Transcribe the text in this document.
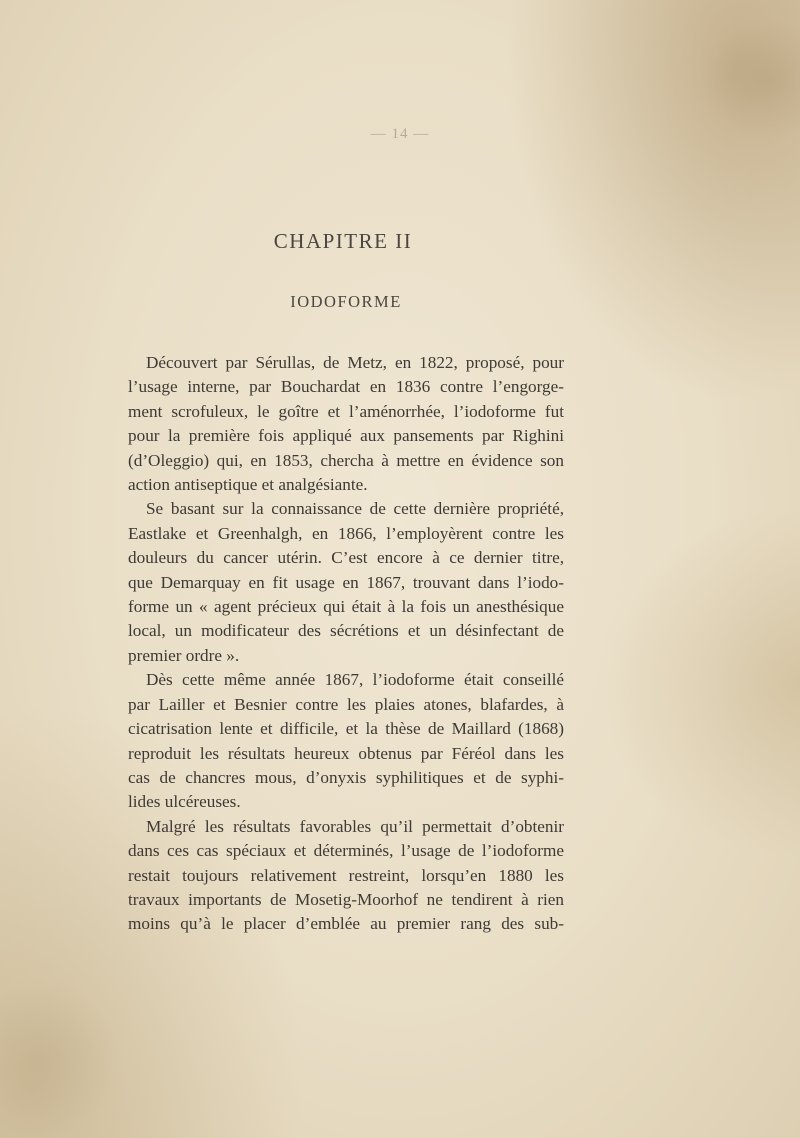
— 14 —
CHAPITRE II
IODOFORME
Découvert par Sérullas, de Metz, en 1822, proposé, pour
l’usage interne, par Bouchardat en 1836 contre l’engorge-
ment scrofuleux, le goître et l’aménorrhée, l’iodoforme fut
pour la première fois appliqué aux pansements par Righini
(d’Oleggio) qui, en 1853, chercha à mettre en évidence son
action antiseptique et analgésiante.
Se basant sur la connaissance de cette dernière propriété,
Eastlake et Greenhalgh, en 1866, l’employèrent contre les
douleurs du cancer utérin. C’est encore à ce dernier titre,
que Demarquay en fit usage en 1867, trouvant dans l’iodo-
forme un « agent précieux qui était à la fois un anesthésique
local, un modificateur des sécrétions et un désinfectant de
premier ordre ».
Dès cette même année 1867, l’iodoforme était conseillé
par Lailler et Besnier contre les plaies atones, blafardes, à
cicatrisation lente et difficile, et la thèse de Maillard (1868)
reproduit les résultats heureux obtenus par Féréol dans les
cas de chancres mous, d’onyxis syphilitiques et de syphi-
lides ulcéreuses.
Malgré les résultats favorables qu’il permettait d’obtenir
dans ces cas spéciaux et déterminés, l’usage de l’iodoforme
restait toujours relativement restreint, lorsqu’en 1880 les
travaux importants de Mosetig-Moorhof ne tendirent à rien
moins qu’à le placer d’emblée au premier rang des sub-
